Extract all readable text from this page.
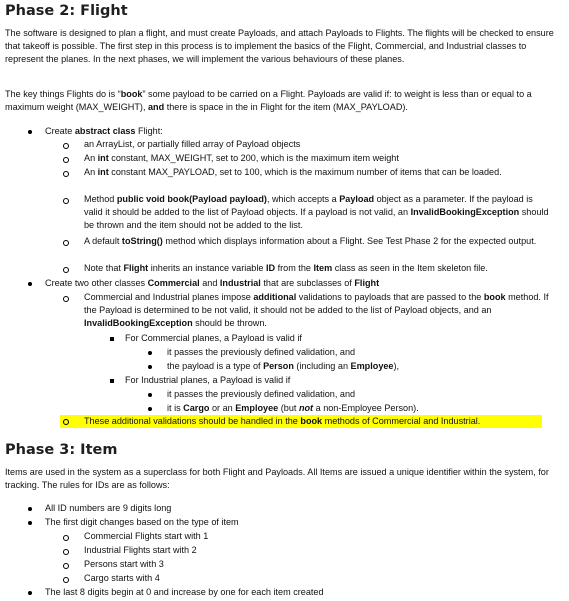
Phase 2: Flight
The software is designed to plan a flight, and must create Payloads, and attach Payloads to Flights. The flights will be checked to ensure that takeoff is possible. The first step in this process is to implement the basics of the Flight, Commercial, and Industrial classes to represent the planes. In the next phases, we will implement the various behaviours of these planes.
The key things Flights do is “book” some payload to be carried on a Flight. Payloads are valid if: to weight is less than or equal to a maximum weight (MAX_WEIGHT), and there is space in the in Flight for the item (MAX_PAYLOAD).
Create abstract class Flight:
an ArrayList, or partially filled array of Payload objects
An int constant, MAX_WEIGHT, set to 200, which is the maximum item weight
An int constant MAX_PAYLOAD, set to 100, which is the maximum number of items that can be loaded.
Method public void book(Payload payload), which accepts a Payload object as a parameter. If the payload is valid it should be added to the list of Payload objects. If a payload is not valid, an InvalidBookingException should be thrown and the item should not be added to the list.
A default toString() method which displays information about a Flight. See Test Phase 2 for the expected output.
Note that Flight inherits an instance variable ID from the Item class as seen in the Item skeleton file.
Create two other classes Commercial and Industrial that are subclasses of Flight
Commercial and Industrial planes impose additional validations to payloads that are passed to the book method. If the Payload is determined to be not valid, it should not be added to the list of Payload objects, and an InvalidBookingException should be thrown.
For Commercial planes, a Payload is valid if
it passes the previously defined validation, and
the payload is a type of Person (including an Employee),
For Industrial planes, a Payload is valid if
it passes the previously defined validation, and
it is Cargo or an Employee (but not a non-Employee Person).
These additional validations should be handled in the book methods of Commercial and Industrial.
Phase 3: Item
Items are used in the system as a superclass for both Flight and Payloads. All Items are issued a unique identifier within the system, for tracking. The rules for IDs are as follows:
All ID numbers are 9 digits long
The first digit changes based on the type of item
Commercial Flights start with 1
Industrial Flights start with 2
Persons start with 3
Cargo starts with 4
The last 8 digits begin at 0 and increase by one for each item created
